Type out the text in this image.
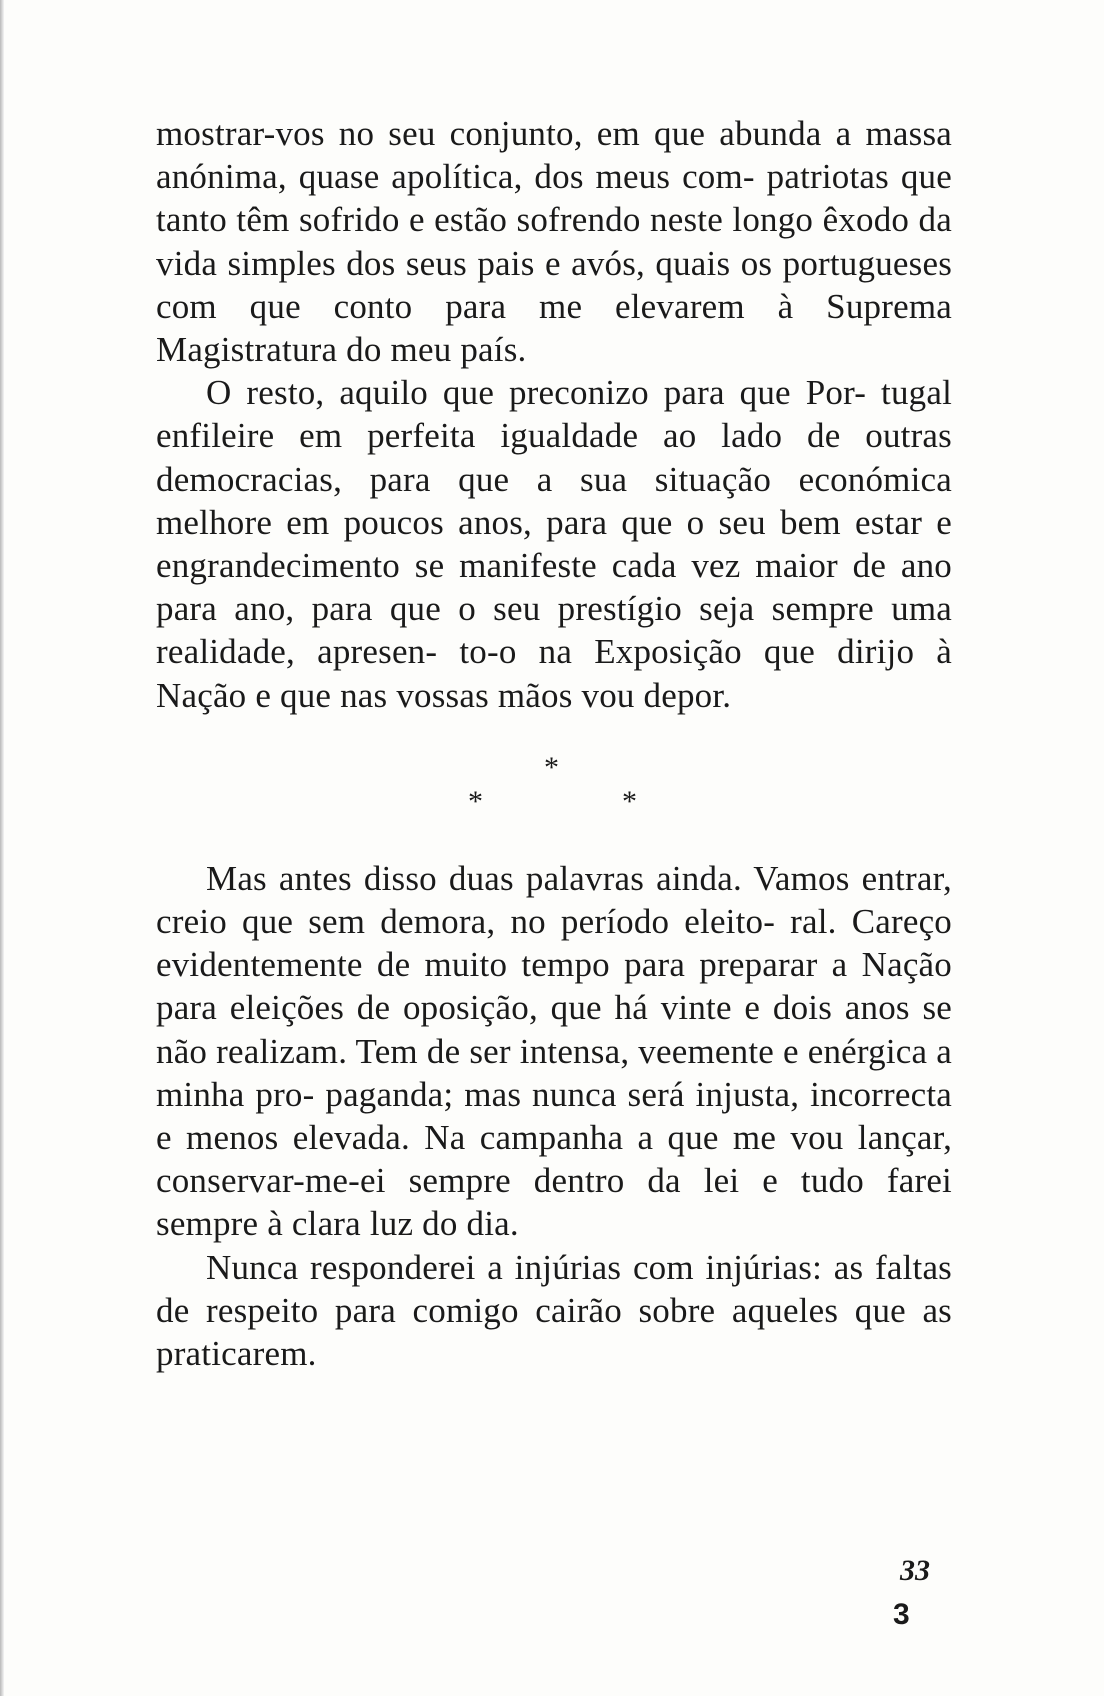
mostrar-vos no seu conjunto, em que abunda a massa anónima, quase apolítica, dos meus com- patriotas que tanto têm sofrido e estão sofrendo neste longo êxodo da vida simples dos seus pais e avós, quais os portugueses com que conto para me elevarem à Suprema Magistratura do meu país.

O resto, aquilo que preconizo para que Por- tugal enfileire em perfeita igualdade ao lado de outras democracias, para que a sua situação económica melhore em poucos anos, para que o seu bem estar e engrandecimento se manifeste cada vez maior de ano para ano, para que o seu prestígio seja sempre uma realidade, apresen- to-o na Exposição que dirijo à Nação e que nas vossas mãos vou depor.

*
*	*

Mas antes disso duas palavras ainda. Vamos entrar, creio que sem demora, no período eleito- ral. Careço evidentemente de muito tempo para preparar a Nação para eleições de oposição, que há vinte e dois anos se não realizam. Tem de ser intensa, veemente e enérgica a minha pro- paganda; mas nunca será injusta, incorrecta e menos elevada. Na campanha a que me vou lançar, conservar-me-ei sempre dentro da lei e tudo farei sempre à clara luz do dia.

Nunca responderei a injúrias com injúrias: as faltas de respeito para comigo cairão sobre aqueles que as praticarem.

33
3
